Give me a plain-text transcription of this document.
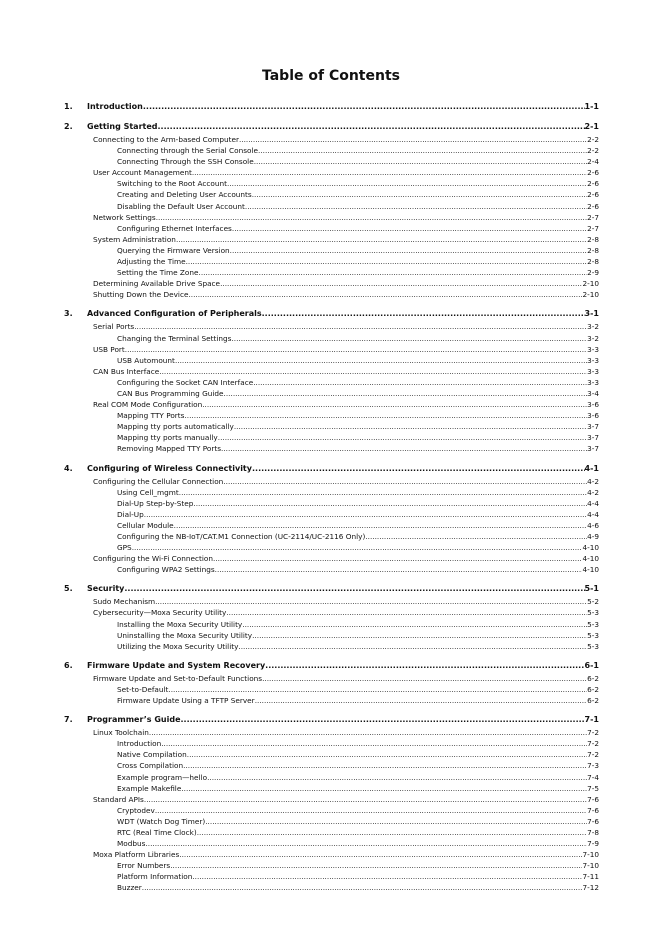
Table of Contents
1.	Introduction .....	1-1
2.	Getting Started .....	2-1
Connecting to the Arm-based Computer .....	2-2
Connecting through the Serial Console .....	2-2
Connecting Through the SSH Console .....	2-4
User Account Management .....	2-6
Switching to the Root Account .....	2-6
Creating and Deleting User Accounts .....	2-6
Disabling the Default User Account .....	2-6
Network Settings .....	2-7
Configuring Ethernet Interfaces .....	2-7
System Administration .....	2-8
Querying the Firmware Version .....	2-8
Adjusting the Time .....	2-8
Setting the Time Zone .....	2-9
Determining Available Drive Space .....	2-10
Shutting Down the Device .....	2-10
3.	Advanced Configuration of Peripherals .....	3-1
Serial Ports .....	3-2
Changing the Terminal Settings .....	3-2
USB Port .....	3-3
USB Automount .....	3-3
CAN Bus Interface .....	3-3
Configuring the Socket CAN Interface .....	3-3
CAN Bus Programming Guide .....	3-4
Real COM Mode Configuration .....	3-6
Mapping TTY Ports .....	3-6
Mapping tty ports automatically .....	3-7
Mapping tty ports manually .....	3-7
Removing Mapped TTY Ports .....	3-7
4.	Configuring of Wireless Connectivity .....	4-1
Configuring the Cellular Connection .....	4-2
Using Cell_mgmt .....	4-2
Dial-Up Step-by-Step .....	4-4
Dial-Up .....	4-4
Cellular Module .....	4-6
Configuring the NB-IoT/CAT.M1 Connection (UC-2114/UC-2116 Only) .....	4-9
GPS .....	4-10
Configuring the Wi-Fi Connection .....	4-10
Configuring WPA2 Settings .....	4-10
5.	Security .....	5-1
Sudo Mechanism .....	5-2
Cybersecurity—Moxa Security Utility .....	5-3
Installing the Moxa Security Utility .....	5-3
Uninstalling the Moxa Security Utility .....	5-3
Utilizing the Moxa Security Utility .....	5-3
6.	Firmware Update and System Recovery .....	6-1
Firmware Update and Set-to-Default Functions .....	6-2
Set-to-Default .....	6-2
Firmware Update Using a TFTP Server .....	6-2
7.	Programmer’s Guide .....	7-1
Linux Toolchain .....	7-2
Introduction .....	7-2
Native Compilation .....	7-2
Cross Compilation .....	7-3
Example program—hello .....	7-4
Example Makefile .....	7-5
Standard APIs .....	7-6
Cryptodev .....	7-6
WDT (Watch Dog Timer) .....	7-6
RTC (Real Time Clock) .....	7-8
Modbus .....	7-9
Moxa Platform Libraries .....	7-10
Error Numbers .....	7-10
Platform Information .....	7-11
Buzzer .....	7-12
